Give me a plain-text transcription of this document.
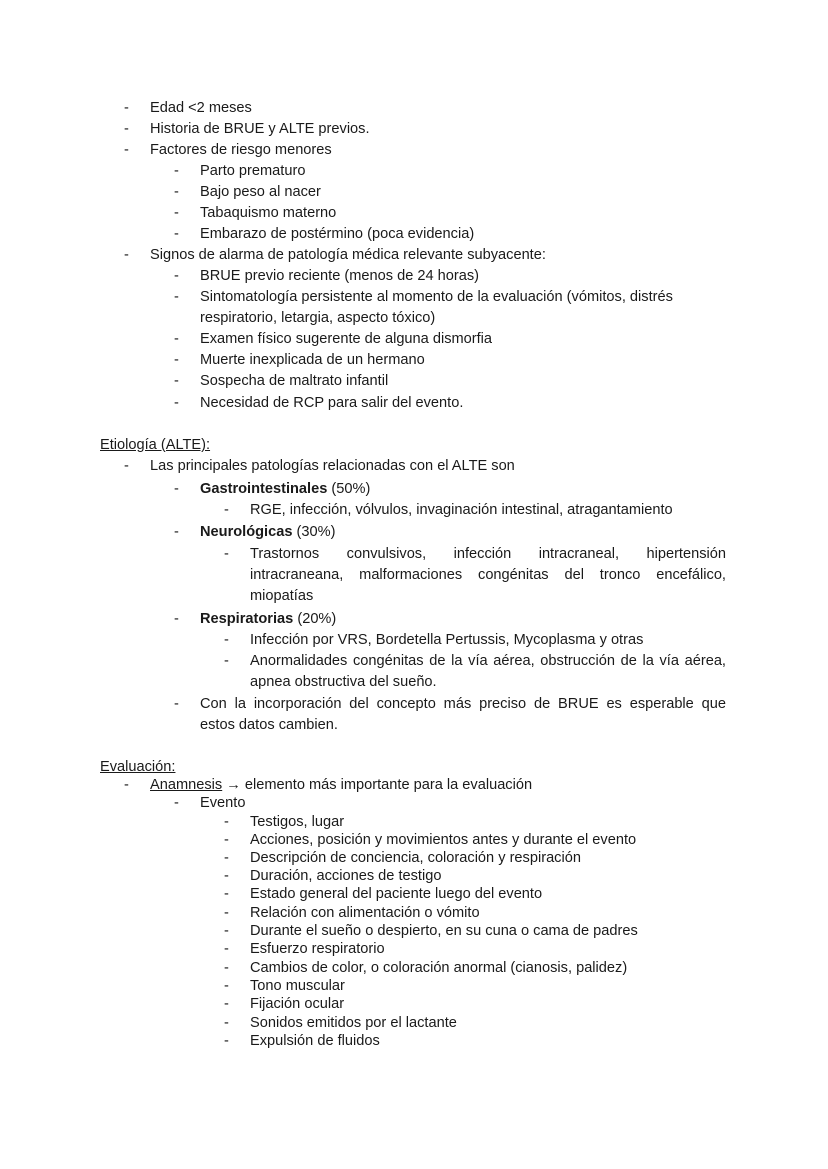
- Edad <2 meses
- Historia de BRUE y ALTE previos.
- Factores de riesgo menores
- Parto prematuro
- Bajo peso al nacer
- Tabaquismo materno
- Embarazo de postérmino (poca evidencia)
- Signos de alarma de patología médica relevante subyacente:
- BRUE previo reciente (menos de 24 horas)
- Sintomatología persistente al momento de la evaluación (vómitos, distrés
respiratorio, letargia, aspecto tóxico)
- Examen físico sugerente de alguna dismorfia
- Muerte inexplicada de un hermano
- Sospecha de maltrato infantil
- Necesidad de RCP para salir del evento.
Etiología (ALTE):
- Las principales patologías relacionadas con el ALTE son
- Gastrointestinales (50%)
- RGE, infección, vólvulos, invaginación intestinal, atragantamiento
- Neurológicas (30%)
- Trastornos convulsivos, infección intracraneal, hipertensión
intracraneana, malformaciones congénitas del tronco encefálico,
miopatías
- Respiratorias (20%)
- Infección por VRS, Bordetella Pertussis, Mycoplasma y otras
- Anormalidades congénitas de la vía aérea, obstrucción de la vía aérea,
apnea obstructiva del sueño.
- Con la incorporación del concepto más preciso de BRUE es esperable que
estos datos cambien.
Evaluación:
- Anamnesis → elemento más importante para la evaluación
- Evento
- Testigos, lugar
- Acciones, posición y movimientos antes y durante el evento
- Descripción de conciencia, coloración y respiración
- Duración, acciones de testigo
- Estado general del paciente luego del evento
- Relación con alimentación o vómito
- Durante el sueño o despierto, en su cuna o cama de padres
- Esfuerzo respiratorio
- Cambios de color, o coloración anormal (cianosis, palidez)
- Tono muscular
- Fijación ocular
- Sonidos emitidos por el lactante
- Expulsión de fluidos
